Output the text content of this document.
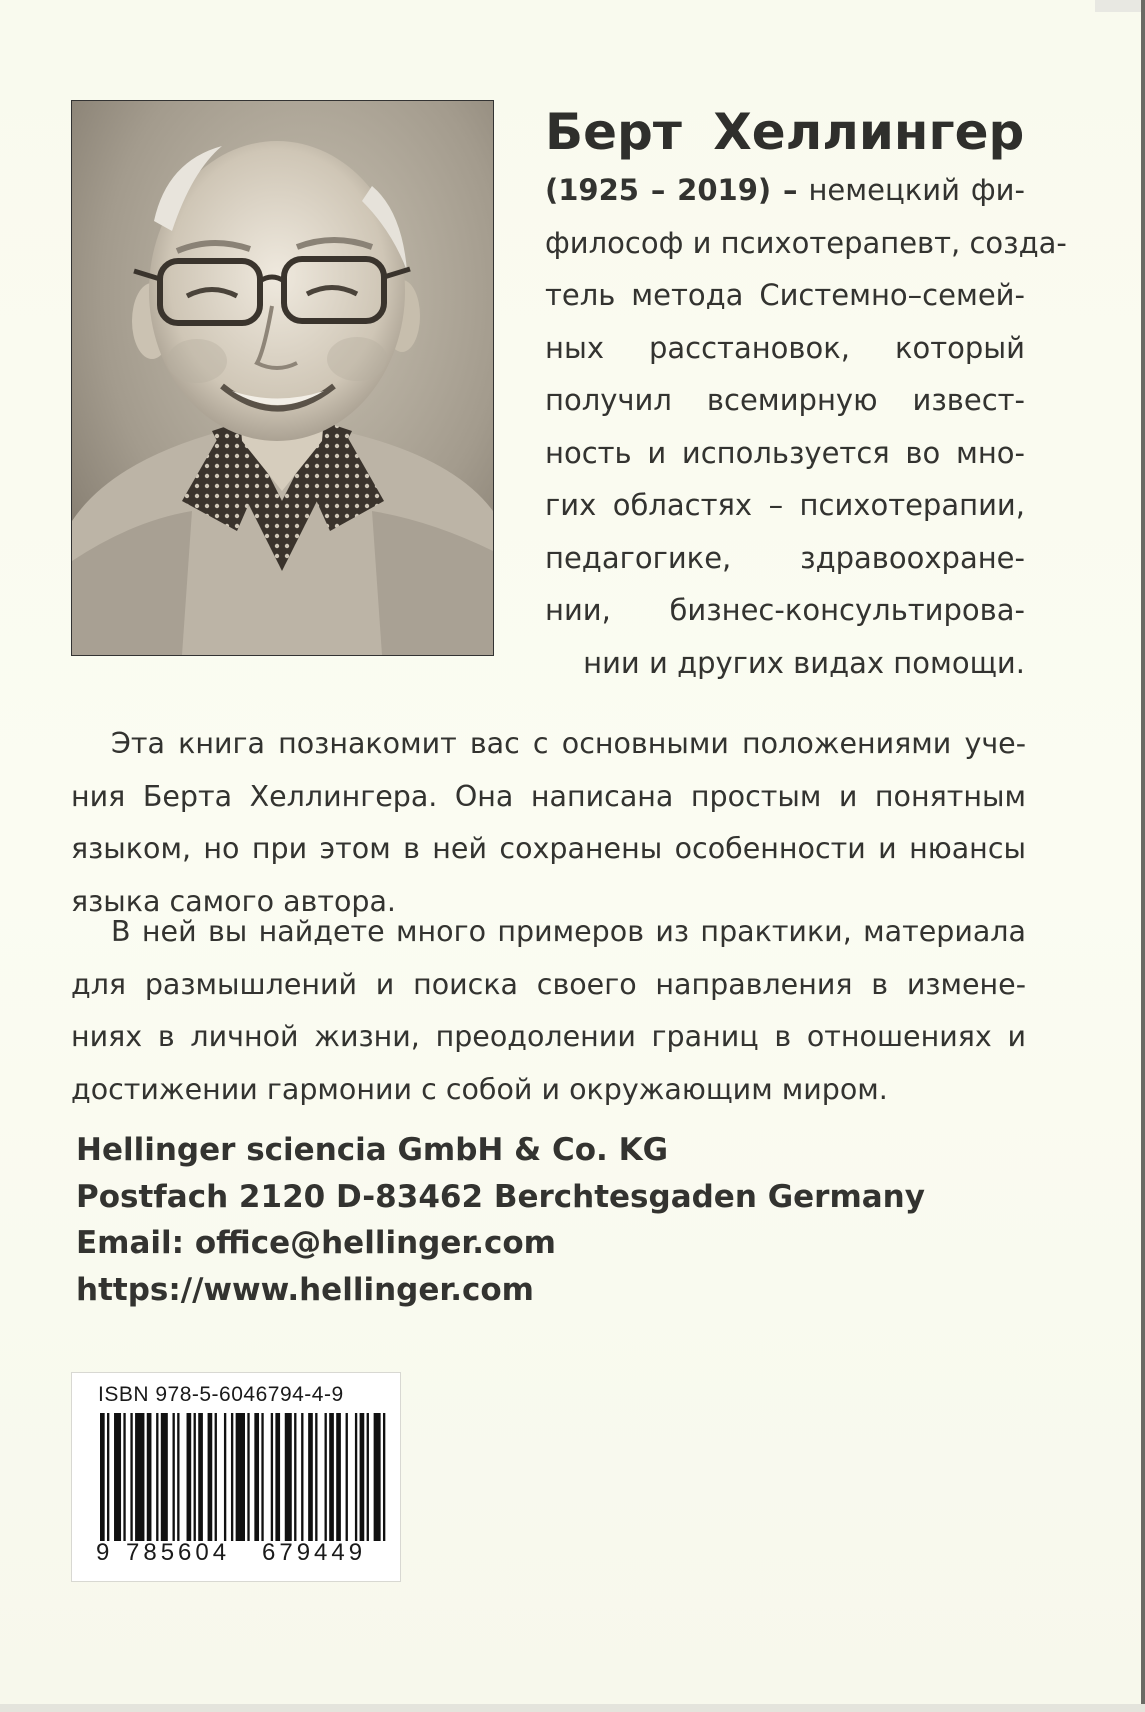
Берт Хеллингер
(1925 – 2019) – немецкий фи-
философ и психотерапевт, созда-
тель метода Системно–семей-
ных расстановок, который
получил всемирную извест-
ность и используется во мно-
гих областях – психотерапии,
педагогике, здравоохране-
нии, бизнес-консультирова-
нии и других видах помощи.
Эта книга познакомит вас с основными положениями уче-
ния Берта Хеллингера. Она написана простым и понятным
языком, но при этом в ней сохранены особенности и нюансы
языка самого автора.
В ней вы найдете много примеров из практики, материала
для размышлений и поиска своего направления в измене-
ниях в личной жизни, преодолении границ в отношениях и
достижении гармонии с собой и окружающим миром.
Hellinger sciencia GmbH & Co. KG
Postfach 2120 D-83462 Berchtesgaden Germany
Email: office@hellinger.com
https://www.hellinger.com
ISBN 978-5-6046794-4-9
9 785604 679449
